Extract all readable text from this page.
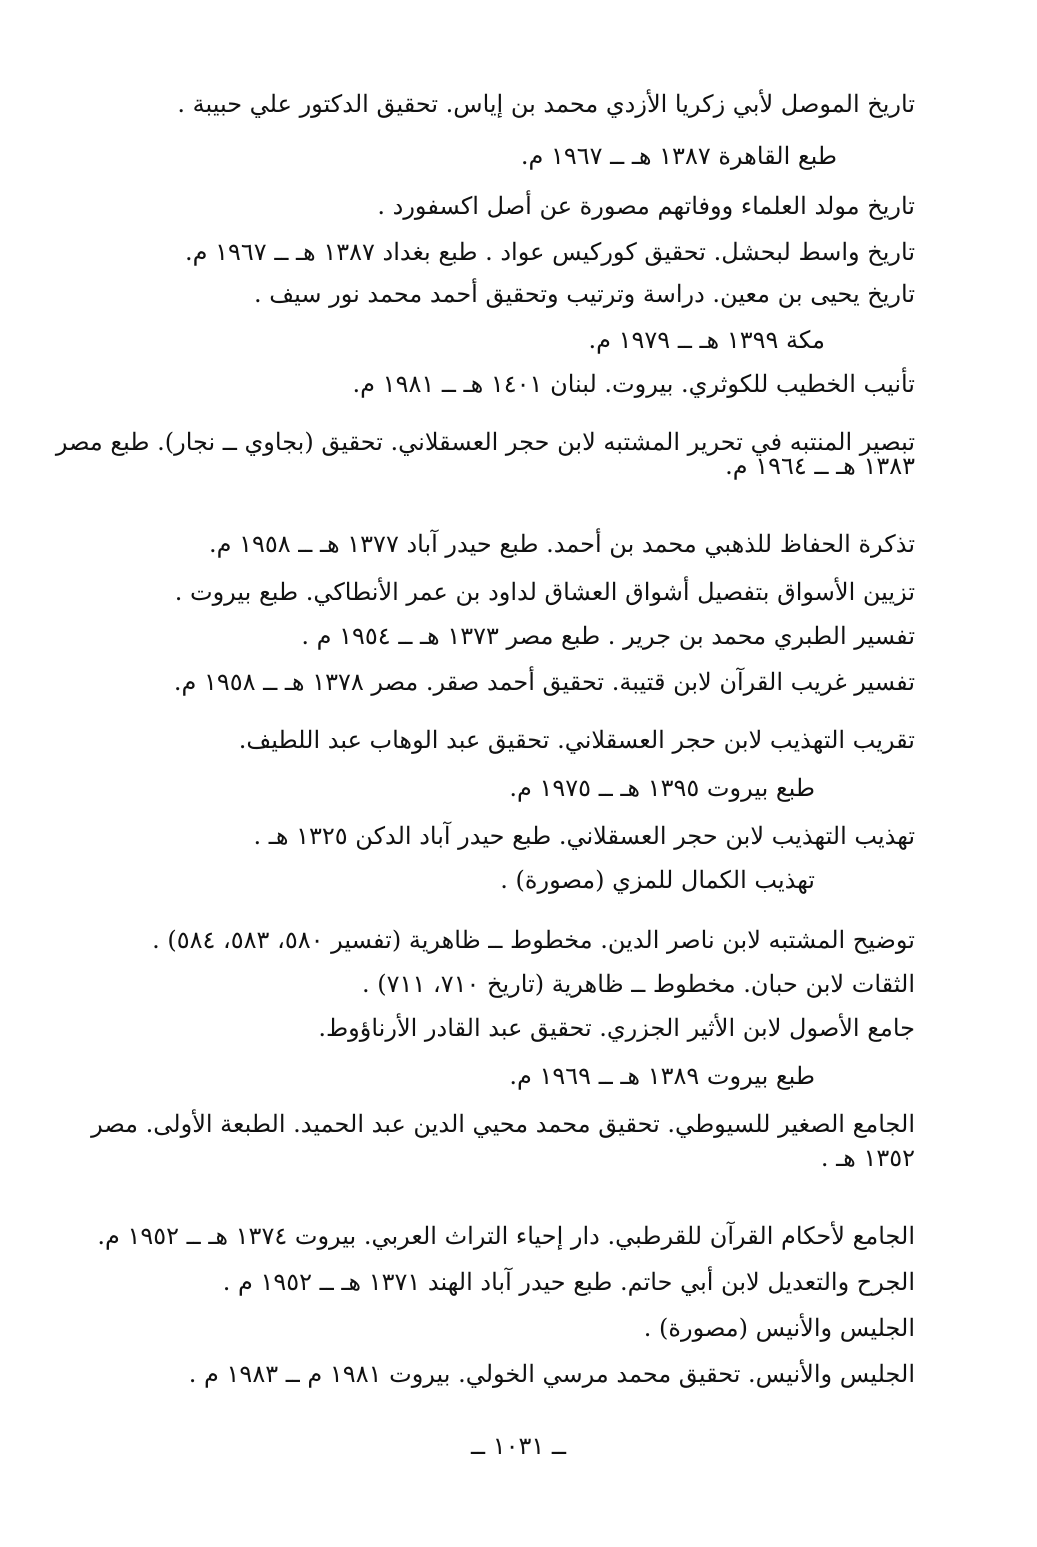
تاريخ الموصل لأبي زكريا الأزدي محمد بن إياس. تحقيق الدكتور علي حبيبة .
طبع القاهرة ١٣٨٧ هـ ــ ١٩٦٧ م.
تاريخ مولد العلماء ووفاتهم مصورة عن أصل اكسفورد .
تاريخ واسط لبحشل. تحقيق كوركيس عواد . طبع بغداد ١٣٨٧ هـ ــ ١٩٦٧ م.
تاريخ يحيى بن معين. دراسة وترتيب وتحقيق أحمد محمد نور سيف .
مكة ١٣٩٩ هـ ــ ١٩٧٩ م.
تأنيب الخطيب للكوثري. بيروت. لبنان ١٤٠١ هـ ــ ١٩٨١ م.
تبصير المنتبه في تحرير المشتبه لابن حجر العسقلاني. تحقيق (بجاوي ــ نجار). طبع مصر
١٣٨٣ هـ ــ ١٩٦٤ م.
تذكرة الحفاظ للذهبي محمد بن أحمد. طبع حيدر آباد ١٣٧٧ هـ ــ ١٩٥٨ م.
تزيين الأسواق بتفصيل أشواق العشاق لداود بن عمر الأنطاكي. طبع بيروت .
تفسير الطبري محمد بن جرير . طبع مصر ١٣٧٣ هـ ــ ١٩٥٤ م .
تفسير غريب القرآن لابن قتيبة. تحقيق أحمد صقر. مصر ١٣٧٨ هـ ــ ١٩٥٨ م.
تقريب التهذيب لابن حجر العسقلاني. تحقيق عبد الوهاب عبد اللطيف.
طبع بيروت ١٣٩٥ هـ ــ ١٩٧٥ م.
تهذيب التهذيب لابن حجر العسقلاني. طبع حيدر آباد الدكن ١٣٢٥ هـ .
تهذيب الكمال للمزي (مصورة) .
توضيح المشتبه لابن ناصر الدين. مخطوط ــ ظاهرية (تفسير ٥٨٠، ٥٨٣، ٥٨٤) .
الثقات لابن حبان. مخطوط ــ ظاهرية (تاريخ ٧١٠، ٧١١) .
جامع الأصول لابن الأثير الجزري. تحقيق عبد القادر الأرناؤوط.
طبع بيروت ١٣٨٩ هـ ــ ١٩٦٩ م.
الجامع الصغير للسيوطي. تحقيق محمد محيي الدين عبد الحميد. الطبعة الأولى. مصر
١٣٥٢ هـ .
الجامع لأحكام القرآن للقرطبي. دار إحياء التراث العربي. بيروت ١٣٧٤ هـ ــ ١٩٥٢ م.
الجرح والتعديل لابن أبي حاتم. طبع حيدر آباد الهند ١٣٧١ هـ ــ ١٩٥٢ م .
الجليس والأنيس (مصورة) .
الجليس والأنيس. تحقيق محمد مرسي الخولي. بيروت ١٩٨١ م ــ ١٩٨٣ م .
ــ ١٠٣١ ــ
